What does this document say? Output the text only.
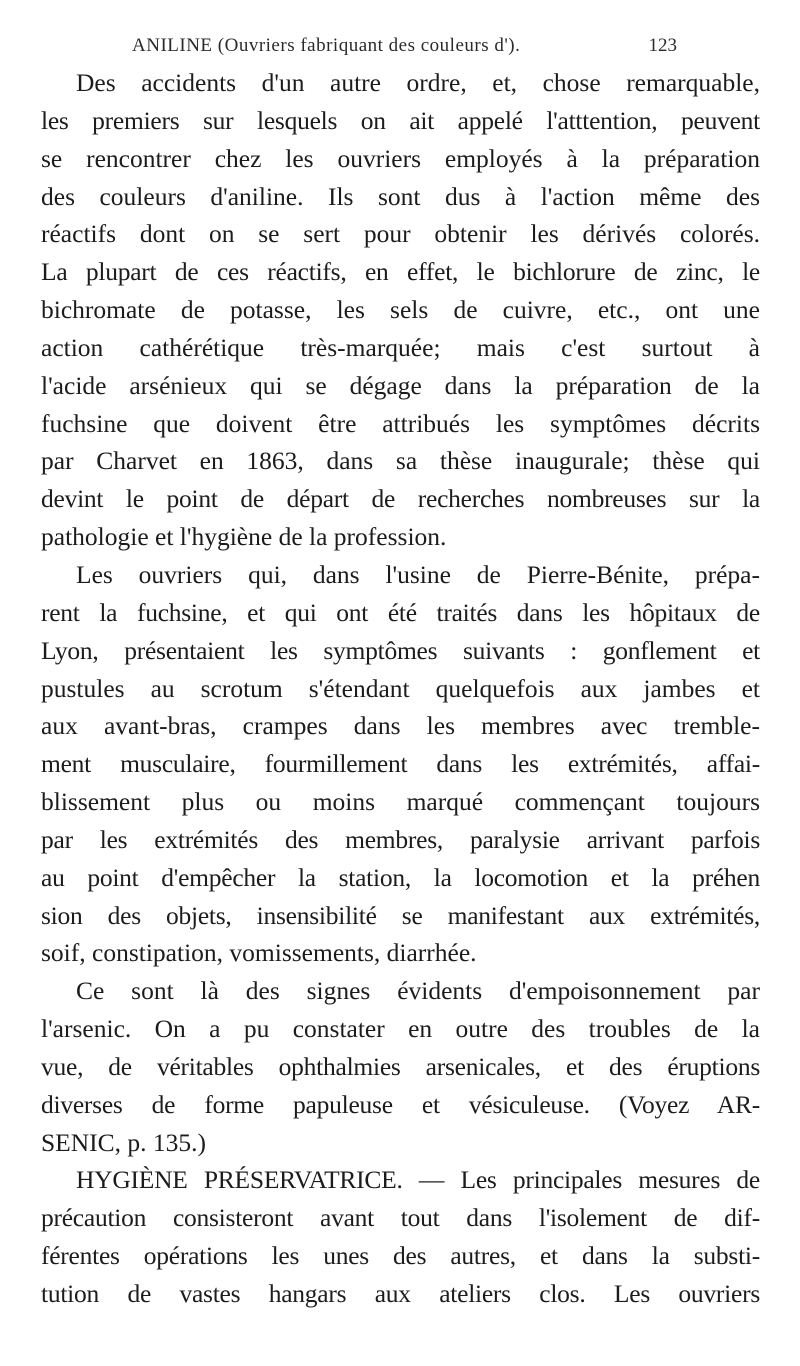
ANILINE (Ouvriers fabriquant des couleurs d').	123
Des accidents d'un autre ordre, et, chose remarquable,
les premiers sur lesquels on ait appelé l'atttention, peuvent
se rencontrer chez les ouvriers employés à la préparation
des couleurs d'aniline. Ils sont dus à l'action même des
réactifs dont on se sert pour obtenir les dérivés colorés.
La plupart de ces réactifs, en effet, le bichlorure de zinc, le
bichromate de potasse, les sels de cuivre, etc., ont une
action cathérétique très-marquée; mais c'est surtout à
l'acide arsénieux qui se dégage dans la préparation de la
fuchsine que doivent être attribués les symptômes décrits
par Charvet en 1863, dans sa thèse inaugurale; thèse qui
devint le point de départ de recherches nombreuses sur la
pathologie et l'hygiène de la profession.
Les ouvriers qui, dans l'usine de Pierre-Bénite, prépa-
rent la fuchsine, et qui ont été traités dans les hôpitaux de
Lyon, présentaient les symptômes suivants : gonflement et
pustules au scrotum s'étendant quelquefois aux jambes et
aux avant-bras, crampes dans les membres avec tremble-
ment musculaire, fourmillement dans les extrémités, affai-
blissement plus ou moins marqué commençant toujours
par les extrémités des membres, paralysie arrivant parfois
au point d'empêcher la station, la locomotion et la préhen
sion des objets, insensibilité se manifestant aux extrémités,
soif, constipation, vomissements, diarrhée.
Ce sont là des signes évidents d'empoisonnement par
l'arsenic. On a pu constater en outre des troubles de la
vue, de véritables ophthalmies arsenicales, et des éruptions
diverses de forme papuleuse et vésiculeuse. (Voyez AR-
SENIC, p. 135.)
HYGIÈNE PRÉSERVATRICE. — Les principales mesures de
précaution consisteront avant tout dans l'isolement de dif-
férentes opérations les unes des autres, et dans la substi-
tution de vastes hangars aux ateliers clos. Les ouvriers
